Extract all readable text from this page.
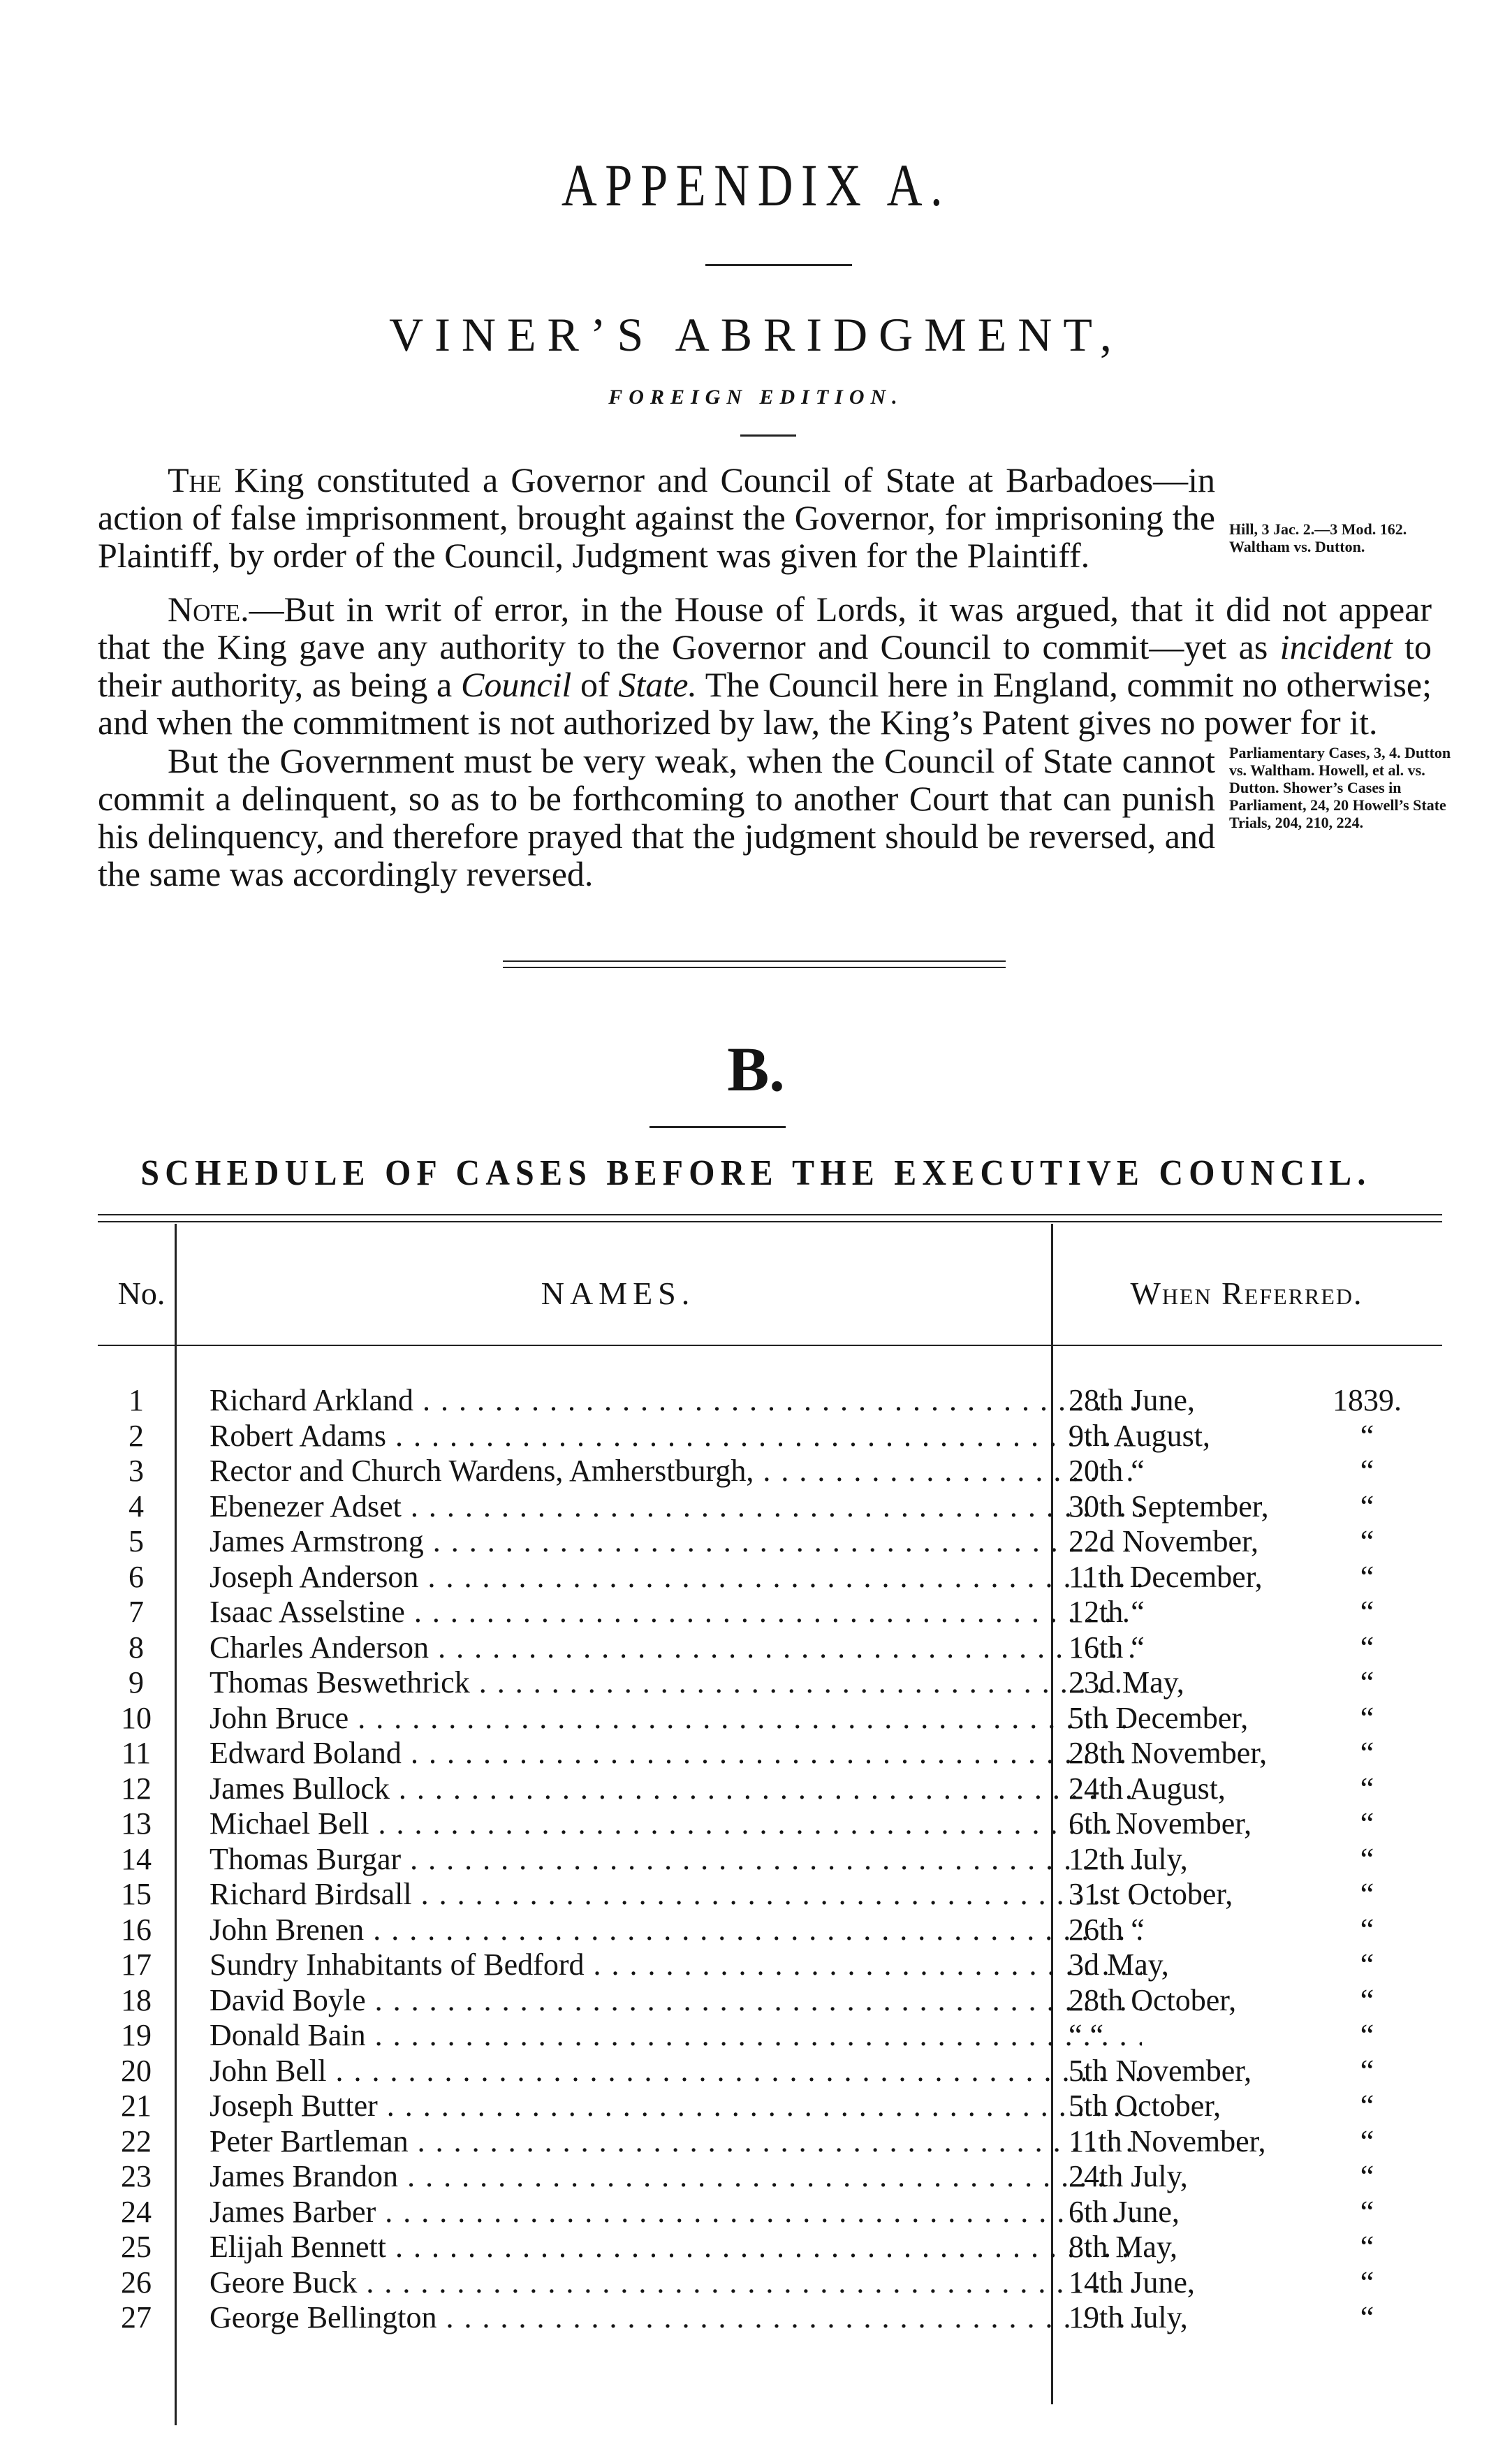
APPENDIX A.
VINER’S ABRIDGMENT,
FOREIGN EDITION.
The King constituted a Governor and Council of State at Barbadoes—in action of false imprisonment, brought against the Governor, for imprisoning the Plaintiff, by order of the Council, Judgment was given for the Plaintiff.
Hill, 3 Jac. 2.—3 Mod. 162. Waltham vs. Dutton.
Note.—But in writ of error, in the House of Lords, it was argued, that it did not appear that the King gave any authority to the Governor and Council to commit—yet as incident to their authority, as being a Council of State. The Council here in England, commit no otherwise; and when the commitment is not authorized by law, the King’s Patent gives no power for it.
But the Government must be very weak, when the Council of State cannot commit a delinquent, so as to be forthcoming to another Court that can punish his delinquency, and therefore prayed that the judgment should be reversed, and the same was accordingly reversed.
Parliamentary Cases, 3, 4. Dutton vs. Waltham. Howell, et al. vs. Dutton. Shower’s Cases in Parliament, 24, 20 Howell’s State Trials, 204, 210, 224.
B.
SCHEDULE OF CASES BEFORE THE EXECUTIVE COUNCIL.
No.	NAMES.	When Referred.
1	Richard Arkland . . .	28th June,	1839.
2	Robert Adams . . .	9th August,	“
3	Rector and Church Wardens, Amherstburgh, . . .	20th “	“
4	Ebenezer Adset . . .	30th September,	“
5	James Armstrong . . .	22d November,	“
6	Joseph Anderson . . .	11th December,	“
7	Isaac Asselstine . . .	12th “	“
8	Charles Anderson . . .	16th “	“
9	Thomas Beswethrick . . .	23d May,	“
10	John Bruce . . .	5th December,	“
11	Edward Boland . . .	28th November,	“
12	James Bullock . . .	24th August,	“
13	Michael Bell . . .	6th November,	“
14	Thomas Burgar . . .	12th July,	“
15	Richard Birdsall . . .	31st October,	“
16	John Brenen . . .	26th “	“
17	Sundry Inhabitants of Bedford . . .	3d May,	“
18	David Boyle . . .	28th October,	“
19	Donald Bain . . .	“ “	“
20	John Bell . . .	5th November,	“
21	Joseph Butter . . .	5th October,	“
22	Peter Bartleman . . .	11th November,	“
23	James Brandon . . .	24th July,	“
24	James Barber . . .	6th June,	“
25	Elijah Bennett . . .	8th May,	“
26	Geore Buck . . .	14th June,	“
27	George Bellington . . .	19th July,	“
